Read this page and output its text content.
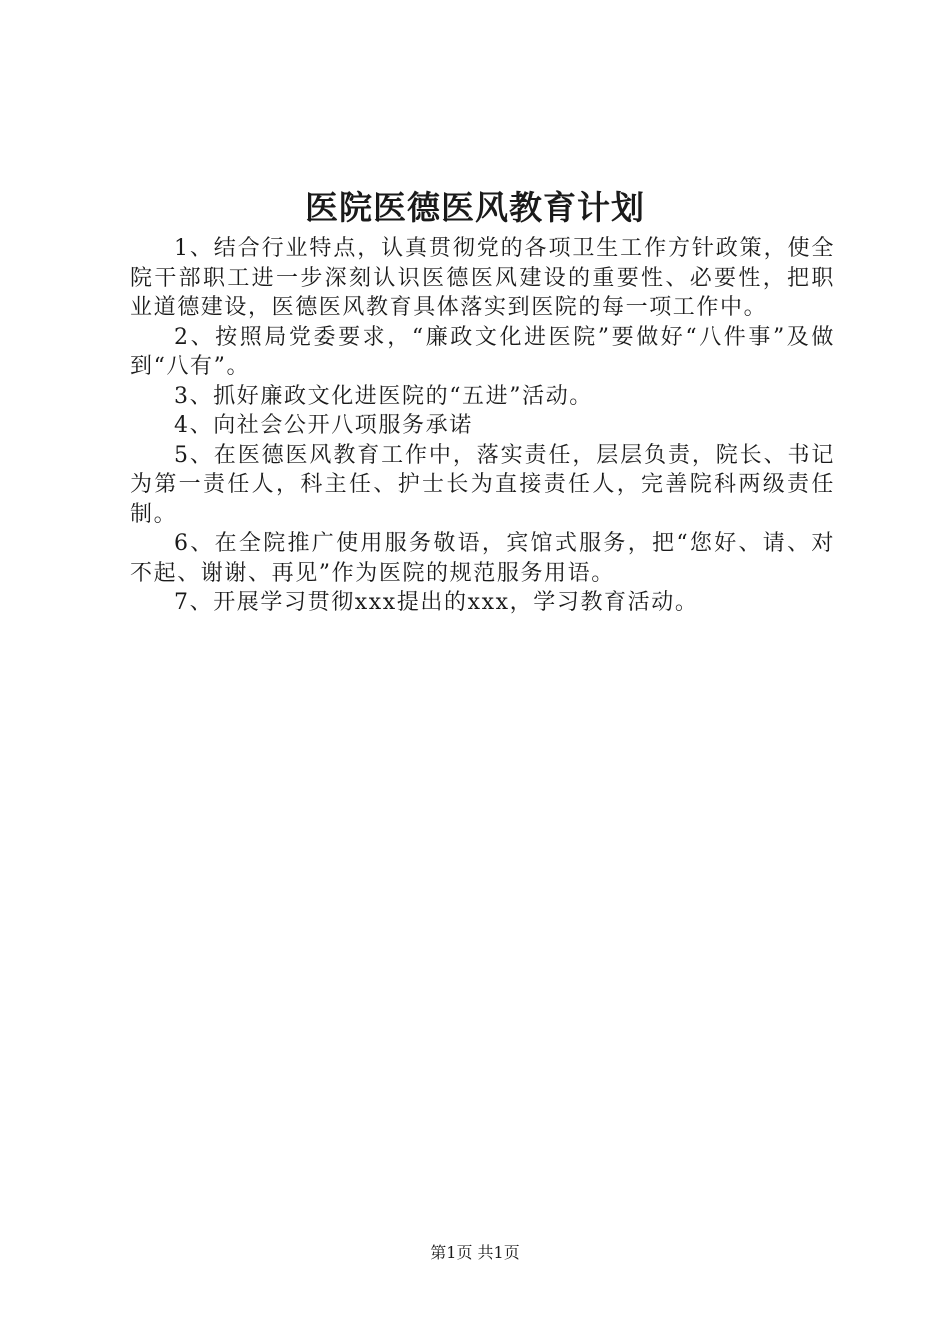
医院医德医风教育计划

1、结合行业特点，认真贯彻党的各项卫生工作方针政策，使全院干部职工进一步深刻认识医德医风建设的重要性、必要性，把职业道德建设，医德医风教育具体落实到医院的每一项工作中。

2、按照局党委要求，“廉政文化进医院”要做好“八件事”及做到“八有”。

3、抓好廉政文化进医院的“五进”活动。

4、向社会公开八项服务承诺

5、在医德医风教育工作中，落实责任，层层负责，院长、书记为第一责任人，科主任、护士长为直接责任人，完善院科两级责任制。

6、在全院推广使用服务敬语，宾馆式服务，把“您好、请、对不起、谢谢、再见”作为医院的规范服务用语。

7、开展学习贯彻xxx提出的xxx，学习教育活动。

第1页 共1页
